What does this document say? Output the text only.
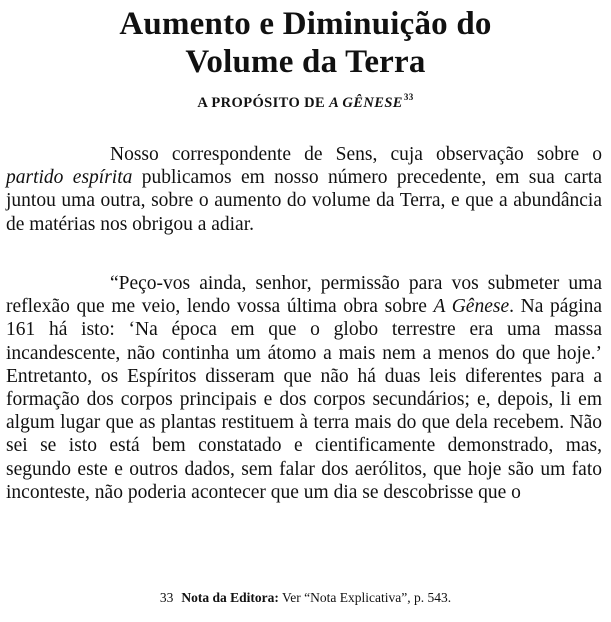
Aumento e Diminuição do
Volume da Terra
A PROPÓSITO DE A GÊNESE$^{33}$

Nosso correspondente de Sens, cuja observação sobre o partido espírita publicamos em nosso número precedente, em sua carta juntou uma outra, sobre o aumento do volume da Terra, e que a abundância de matérias nos obrigou a adiar.

“Peço-vos ainda, senhor, permissão para vos submeter uma reflexão que me veio, lendo vossa última obra sobre A Gênese. Na página 161 há isto: ‘Na época em que o globo terrestre era uma massa incandescente, não continha um átomo a mais nem a menos do que hoje.’ Entretanto, os Espíritos disseram que não há duas leis diferentes para a formação dos corpos principais e dos corpos secundários; e, depois, li em algum lugar que as plantas restituem à terra mais do que dela recebem. Não sei se isto está bem constatado e cientificamente demonstrado, mas, segundo este e outros dados, sem falar dos aerólitos, que hoje são um fato inconteste, não poderia acontecer que um dia se descobrisse que o

33 Nota da Editora: Ver “Nota Explicativa”, p. 543.
